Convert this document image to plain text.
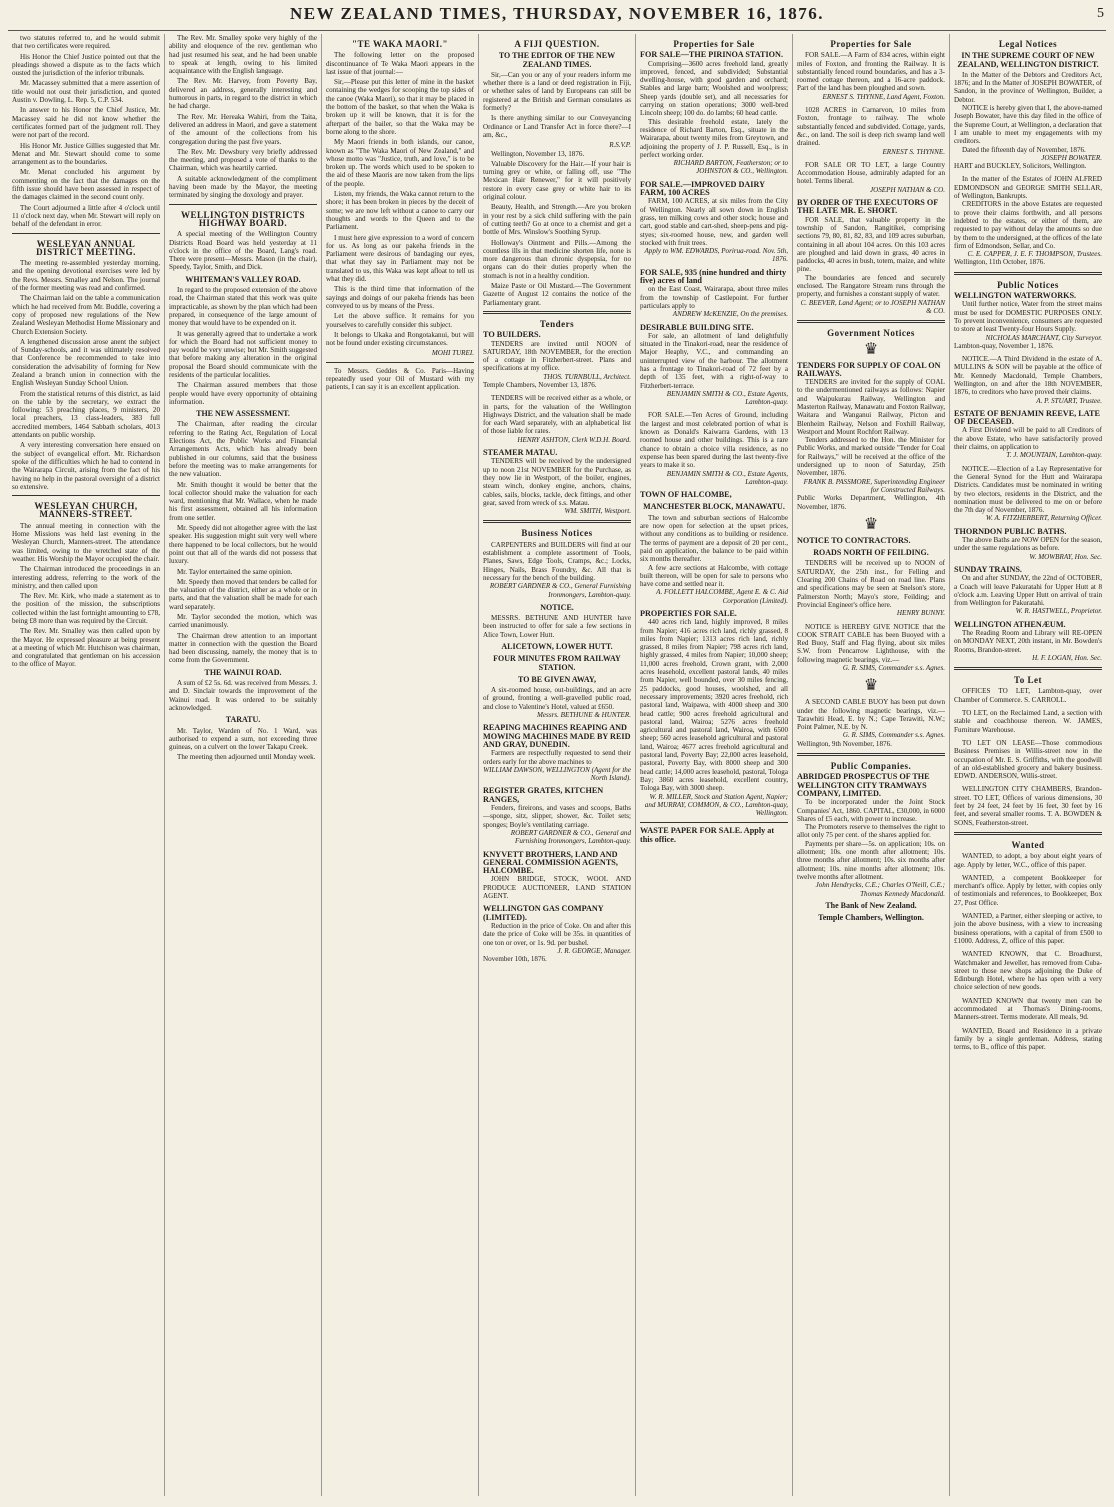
NEW ZEALAND TIMES, THURSDAY, NOVEMBER 16, 1876.	5

two statutes referred to, and he would submit that two certificates were required.

His Honor the Chief Justice pointed out that the pleadings showed a dispute as to the facts which ousted the jurisdiction of the inferior tribunals.

Mr. Macassey submitted that a mere assertion of title would not oust their jurisdiction, and quoted Austin v. Dowling, L. Rep. 5, C.P. 534.

In answer to his Honor the Chief Justice, Mr. Macassey said he did not know whether the certificates formed part of the judgment roll. They were not part of the record.

His Honor Mr. Justice Gillies suggested that Mr. Menat and Mr. Stewart should come to some arrangement as to the boundaries.

Mr. Menat concluded his argument by commenting on the fact that the damages on the fifth issue should have been assessed in respect of the damages claimed in the second count only.

The Court adjourned a little after 4 o'clock until 11 o'clock next day, when Mr. Stewart will reply on behalf of the defendant in error.

WESLEYAN ANNUAL DISTRICT MEETING.

The meeting re-assembled yesterday morning, and the opening devotional exercises were led by the Revs. Messrs. Smalley and Nelson. The journal of the former meeting was read and confirmed.

The Chairman laid on the table a communication which he had received from Mr. Buddle, covering a copy of proposed new regulations of the New Zealand Wesleyan Methodist Home Missionary and Church Extension Society.

A lengthened discussion arose anent the subject of Sunday-schools, and it was ultimately resolved that Conference be recommended to take into consideration the advisability of forming for New Zealand a branch union in connection with the English Wesleyan Sunday School Union.

From the statistical returns of this district, as laid on the table by the secretary, we extract the following: 53 preaching places, 9 ministers, 20 local preachers, 13 class-leaders, 383 full accredited members, 1464 Sabbath scholars, 4013 attendants on public worship.

A very interesting conversation here ensued on the subject of evangelical effort. Mr. Richardson spoke of the difficulties which he had to contend in the Wairarapa Circuit, arising from the fact of his having no help in the pastoral oversight of a district so extensive.

WESLEYAN CHURCH, MANNERS-STREET.

The annual meeting in connection with the Home Missions was held last evening in the Wesleyan Church, Manners-street. The attendance was limited, owing to the wretched state of the weather. His Worship the Mayor occupied the chair.

The Chairman introduced the proceedings in an interesting address, referring to the work of the ministry, and then called upon

The Rev. Mr. Kirk, who made a statement as to the position of the mission, the subscriptions collected within the last fortnight amounting to £78, being £8 more than was required by the Circuit.

The Rev. Mr. Smalley was then called upon by the Mayor. He expressed pleasure at being present at a meeting of which Mr. Hutchison was chairman, and congratulated that gentleman on his accession to the office of Mayor.

The Rev. Mr. Smalley spoke very highly of the ability and eloquence of the rev. gentleman who had just resumed his seat, and he had been unable to speak at length, owing to his limited acquaintance with the English language.

The Rev. Mr. Harvey, from Poverty Bay, delivered an address, generally interesting and humorous in parts, in regard to the district in which he had charge.

The Rev. Mr. Hereaka Wahiri, from the Taita, delivered an address in Maori, and gave a statement of the amount of the collections from his congregation during the past five years.

The Rev. Mr. Dewsbury very briefly addressed the meeting, and proposed a vote of thanks to the Chairman, which was heartily carried.

A suitable acknowledgment of the compliment having been made by the Mayor, the meeting terminated by singing the doxology and prayer.

WELLINGTON DISTRICTS HIGHWAY BOARD.

A special meeting of the Wellington Country Districts Road Board was held yesterday at 11 o'clock in the office of the Board, Lang's road. There were present—Messrs. Mason (in the chair), Speedy, Taylor, Smith, and Dick.

WHITEMAN'S VALLEY ROAD.

In regard to the proposed extension of the above road, the Chairman stated that this work was quite impracticable, as shown by the plan which had been prepared, in consequence of the large amount of money that would have to be expended on it.

It was generally agreed that to undertake a work for which the Board had not sufficient money to pay would be very unwise; but Mr. Smith suggested that before making any alteration in the original proposal the Board should communicate with the residents of the particular localities.

The Chairman assured members that those people would have every opportunity of obtaining information.

THE NEW ASSESSMENT.

The Chairman, after reading the circular referring to the Rating Act, Regulation of Local Elections Act, the Public Works and Financial Arrangements Acts, which has already been published in our columns, said that the business before the meeting was to make arrangements for the new valuation.

Mr. Smith thought it would be better that the local collector should make the valuation for each ward, mentioning that Mr. Wallace, when he made his first assessment, obtained all his information from one settler.

Mr. Speedy did not altogether agree with the last speaker. His suggestion might suit very well where there happened to be local collectors, but he would point out that all of the wards did not possess that luxury.

Mr. Taylor entertained the same opinion.

Mr. Speedy then moved that tenders be called for the valuation of the district, either as a whole or in parts, and that the valuation shall be made for each ward separately.

Mr. Taylor seconded the motion, which was carried unanimously.

The Chairman drew attention to an important matter in connection with the question the Board had been discussing, namely, the money that is to come from the Government.

THE WAINUI ROAD.

A sum of £2 5s. 6d. was received from Messrs. J. and D. Sinclair towards the improvement of the Wainui road. It was ordered to be suitably acknowledged.

TARATU.

Mr. Taylor, Warden of No. 1 Ward, was authorised to expend a sum, not exceeding three guineas, on a culvert on the lower Takapu Creek.

The meeting then adjourned until Monday week.

"TE WAKA MAORI."

The following letter on the proposed discontinuance of Te Waka Maori appears in the last issue of that journal:—

Sir,—Please put this letter of mine in the basket containing the wedges for scooping the top sides of the canoe (Waka Maori), so that it may be placed in the bottom of the basket, so that when the Waka is broken up it will be known, that it is for the afterpart of the bailer, so that the Waka may be borne along to the shore.

My Maori friends in both islands, our canoe, known as "The Waka Maori of New Zealand," and whose motto was "Justice, truth, and love," is to be broken up. The words which used to be spoken to the aid of these Maoris are now taken from the lips of the people.

Listen, my friends, the Waka cannot return to the shore; it has been broken in pieces by the deceit of some; we are now left without a canoe to carry our thoughts and words to the Queen and to the Parliament.

I must here give expression to a word of concern for us. As long as our pakeha friends in the Parliament were desirous of bandaging our eyes, that what they say in Parliament may not be translated to us, this Waka was kept afloat to tell us what they did.

This is the third time that information of the sayings and doings of our pakeha friends has been conveyed to us by means of the Press.

Let the above suffice. It remains for you yourselves to carefully consider this subject.

It belongs to Ukaka and Rongotakanui, but will not be found under existing circumstances.

MOHI TUREI.

To Messrs. Geddes & Co. Paris—Having repeatedly used your Oil of Mustard with my patients, I can say it is an excellent application.

A FIJI QUESTION.
TO THE EDITOR OF THE NEW ZEALAND TIMES.

Sir,—Can you or any of your readers inform me whether there is a land or deed registration in Fiji, or whether sales of land by Europeans can still be registered at the British and German consulates as formerly?

Is there anything similar to our Conveyancing Ordinance or Land Transfer Act in force there?—I am, &c.,

R.S.V.P.

Wellington, November 13, 1876.

Valuable Discovery for the Hair.—If your hair is turning grey or white, or falling off, use "The Mexican Hair Renewer," for it will positively restore in every case grey or white hair to its original colour.

Beauty, Health, and Strength.—Are you broken in your rest by a sick child suffering with the pain of cutting teeth? Go at once to a chemist and get a bottle of Mrs. Winslow's Soothing Syrup.

Holloway's Ointment and Pills.—Among the countless ills in that medicine shorten life, none is more dangerous than chronic dyspepsia, for no organs can do their duties properly when the stomach is not in a healthy condition.

Maize Paste or Oil Mustard.—The Government Gazette of August 12 contains the notice of the Parliamentary grant.

Tenders
TO BUILDERS.
TENDERS are invited until NOON of SATURDAY, 18th NOVEMBER, for the erection of a cottage in Fitzherbert-street. Plans and specifications at my office.
THOS. TURNBULL, Architect.
Temple Chambers, November 13, 1876.
TENDERS will be received either as a whole, or in parts, for the valuation of the Wellington Highways District, and the valuation shall be made for each Ward separately, with an alphabetical list of those liable for rates.
HENRY ASHTON, Clerk W.D.H. Board.
STEAMER MATAU.
TENDERS will be received by the undersigned up to noon 21st NOVEMBER for the Purchase, as they now lie in Westport, of the boiler, engines, steam winch, donkey engine, anchors, chains, cables, sails, blocks, tackle, deck fittings, and other gear, saved from wreck of s.s. Matau.
WM. SMITH, Westport.
Business Notices
CARPENTERS and BUILDERS will find at our establishment a complete assortment of Tools, Planes, Saws, Edge Tools, Cramps, &c.; Locks, Hinges, Nails, Brass Foundry, &c. All that is necessary for the bench of the building.
ROBERT GARDNER & CO., General Furnishing Ironmongers, Lambton-quay.
NOTICE.
MESSRS. BETHUNE AND HUNTER have been instructed to offer for sale a few sections in Alice Town, Lower Hutt.
ALICETOWN, LOWER HUTT.
FOUR MINUTES FROM RAILWAY STATION.
TO BE GIVEN AWAY,
A six-roomed house, out-buildings, and an acre of ground, fronting a well-gravelled public road, and close to Valentine's Hotel, valued at £650.
Messrs. BETHUNE & HUNTER.
REAPING MACHINES REAPING AND MOWING MACHINES MADE BY REID AND GRAY, DUNEDIN.
Farmers are respectfully requested to send their orders early for the above machines to
WILLIAM DAWSON, WELLINGTON (Agent for the North Island).
REGISTER GRATES, KITCHEN RANGES,
Fenders, fireirons, and vases and scoops, Baths—sponge, sitz, slipper, shower, &c. Toilet sets; sponges; Boyle's ventilating carriage.
ROBERT GARDNER & CO., General and Furnishing Ironmongers, Lambton-quay.
KNYVETT BROTHERS, LAND AND GENERAL COMMISSION AGENTS, HALCOMBE.
JOHN BRIDGE, STOCK, WOOL AND PRODUCE AUCTIONEER, LAND STATION AGENT.
WELLINGTON GAS COMPANY (LIMITED).
Reduction in the price of Coke. On and after this date the price of Coke will be 35s. in quantities of one ton or over, or 1s. 9d. per bushel.
J. R. GEORGE, Manager.
November 10th, 1876.
Properties for Sale
FOR SALE—THE PIRINOA STATION.
Comprising—3600 acres freehold land, greatly improved, fenced, and subdivided; Substantial dwelling-house, with good garden and orchard; Stables and large barn; Woolshed and woolpress; Sheep yards (double set), and all necessaries for carrying on station operations; 3000 well-bred Lincoln sheep; 100 do. do lambs; 60 head cattle.
This desirable freehold estate, lately the residence of Richard Barton, Esq., situate in the Wairarapa, about twenty miles from Greytown, and adjoining the property of J. P. Russell, Esq., is in perfect working order.
RICHARD BARTON, Featherston; or to JOHNSTON & CO., Wellington.
FOR SALE.—IMPROVED DAIRY FARM, 100 ACRES
FARM, 100 ACRES, at six miles from the City of Wellington. Nearly all sown down in English grass, ten milking cows and other stock; house and cart, good stable and cart-shed, sheep-pens and pig-styes; six-roomed house, new, and garden well stocked with fruit trees.
Apply to WM. EDWARDS, Porirua-road. Nov. 5th, 1876.
FOR SALE, 935 (nine hundred and thirty five) acres of land
on the East Coast, Wairarapa, about three miles from the township of Castlepoint. For further particulars apply to
ANDREW McKENZIE, On the premises.
DESIRABLE BUILDING SITE.
For sale, an allotment of land delightfully situated in the Tinakori-road, near the residence of Major Heaphy, V.C., and commanding an uninterrupted view of the harbour. The allotment has a frontage to Tinakori-road of 72 feet by a depth of 135 feet, with a right-of-way to Fitzherbert-terrace.
BENJAMIN SMITH & CO., Estate Agents, Lambton-quay.
FOR SALE.—Ten Acres of Ground, including the largest and most celebrated portion of what is known as Donald's Kaiwarra Gardens, with 13 roomed house and other buildings. This is a rare chance to obtain a choice villa residence, as no expense has been spared during the last twenty-five years to make it so.
BENJAMIN SMITH & CO., Estate Agents, Lambton-quay.
TOWN OF HALCOMBE,
MANCHESTER BLOCK, MANAWATU.
The town and suburban sections of Halcombe are now open for selection at the upset prices, without any conditions as to building or residence. The terms of payment are a deposit of 20 per cent., paid on application, the balance to be paid within six months thereafter.
A few acre sections at Halcombe, with cottage built thereon, will be open for sale to persons who have come and settled near it.
A. FOLLETT HALCOMBE, Agent E. & C. Aid Corporation (Limited).
PROPERTIES FOR SALE.
440 acres rich land, highly improved, 8 miles from Napier; 416 acres rich land, richly grassed, 8 miles from Napier; 1313 acres rich land, richly grassed, 8 miles from Napier; 798 acres rich land, highly grassed, 4 miles from Napier; 10,000 sheep; 11,000 acres freehold, Crown grant, with 2,000 acres leasehold, excellent pastoral lands, 40 miles from Napier, well bounded, over 30 miles fencing, 25 paddocks, good houses, woolshed, and all necessary improvements; 3920 acres freehold, rich pastoral land, Waipawa, with 4000 sheep and 300 head cattle; 900 acres freehold agricultural and pastoral land, Wairoa; 5276 acres freehold agricultural and pastoral land, Wairoa, with 6500 sheep; 560 acres leasehold agricultural and pastoral land, Wairoa; 4677 acres freehold agricultural and pastoral land, Poverty Bay; 22,000 acres leasehold, pastoral, Poverty Bay, with 8000 sheep and 300 head cattle; 14,000 acres leasehold, pastoral, Tologa Bay; 3860 acres leasehold, excellent country, Tologa Bay, with 3000 sheep.
W. R. MILLER, Stock and Station Agent, Napier; and MURRAY, COMMON, & CO., Lambton-quay, Wellington.
WASTE PAPER FOR SALE. Apply at this office.
Properties for Sale
FOR SALE.—A Farm of 834 acres, within eight miles of Foxton, and fronting the Railway. It is substantially fenced round boundaries, and has a 3-roomed cottage thereon, and a 16-acre paddock. Part of the land has been ploughed and sown.
ERNEST S. THYNNE, Land Agent, Foxton.
1028 ACRES in Carnarvon, 10 miles from Foxton, frontage to railway. The whole substantially fenced and subdivided. Cottage, yards, &c., on land. The soil is deep rich swamp land well drained.
ERNEST S. THYNNE.
FOR SALE OR TO LET, a large Country Accommodation House, admirably adapted for an hotel. Terms liberal.
JOSEPH NATHAN & CO.
BY ORDER OF THE EXECUTORS OF THE LATE MR. E. SHORT.
FOR SALE, that valuable property in the township of Sandon, Rangitikei, comprising sections 79, 80, 81, 82, 83, and 109 acres suburban, containing in all about 104 acres. On this 103 acres are ploughed and laid down in grass, 40 acres in paddocks, 40 acres in bush, totem, maize, and white pine.
The boundaries are fenced and securely enclosed. The Rangatore Stream runs through the property, and furnishes a constant supply of water.
C. BEEVER, Land Agent; or to JOSEPH NATHAN & CO.
Government Notices
♛
TENDERS FOR SUPPLY OF COAL ON RAILWAYS.
TENDERS are invited for the supply of COAL to the undermentioned railways as follows: Napier and Waipukurau Railway, Wellington and Masterton Railway, Manawatu and Foxton Railway, Waitara and Wanganui Railway, Picton and Blenheim Railway, Nelson and Foxhill Railway, Westport and Mount Rochfort Railway.
Tenders addressed to the Hon. the Minister for Public Works, and marked outside "Tender for Coal for Railways," will be received at the office of the undersigned up to noon of Saturday, 25th November, 1876.
FRANK B. PASSMORE, Superintending Engineer for Constructed Railways.
Public Works Department, Wellington, 4th November, 1876.
♛
NOTICE TO CONTRACTORS.
ROADS NORTH OF FEILDING.
TENDERS will be received up to NOON of SATURDAY, the 25th inst., for Felling and Clearing 200 Chains of Road on road line. Plans and specifications may be seen at Snelson's store, Palmerston North; Mayo's store, Feilding; and Provincial Engineer's office here.
HENRY BUNNY.
NOTICE is HEREBY GIVE NOTICE that the COOK STRAIT CABLE has been Buoyed with a Red Buoy, Staff and Flag flying, about six miles S.W. from Pencarrow Lighthouse, with the following magnetic bearings, viz.—
G. R. SIMS, Commander s.s. Agnes.
♛
A SECOND CABLE BUOY has been put down under the following magnetic bearings, viz.—Tarawhiti Head, E. by N.; Cape Terawiti, N.W.; Point Palmer, N.E. by N.
G. R. SIMS, Commander s.s. Agnes.
Wellington, 9th November, 1876.
Public Companies.
ABRIDGED PROSPECTUS OF THE WELLINGTON CITY TRAMWAYS COMPANY, LIMITED.
To be incorporated under the Joint Stock Companies' Act, 1860. CAPITAL, £30,000, in 6000 Shares of £5 each, with power to increase.
The Promoters reserve to themselves the right to allot only 75 per cent. of the shares applied for.
Payments per share—5s. on application; 10s. on allotment; 10s. one month after allotment; 10s. three months after allotment; 10s. six months after allotment; 10s. nine months after allotment; 10s. twelve months after allotment.
John Hendrycks, C.E.; Charles O'Neill, C.E.; Thomas Kennedy Macdonald.
The Bank of New Zealand.
Temple Chambers, Wellington.
Legal Notices
IN THE SUPREME COURT OF NEW ZEALAND, WELLINGTON DISTRICT.
In the Matter of the Debtors and Creditors Act, 1876; and In the Matter of JOSEPH BOWATER, of Sandon, in the province of Wellington, Builder, a Debtor.
NOTICE is hereby given that I, the above-named Joseph Bowater, have this day filed in the office of the Supreme Court, at Wellington, a declaration that I am unable to meet my engagements with my creditors.
Dated the fifteenth day of November, 1876.
JOSEPH BOWATER.
HART and BUCKLEY, Solicitors, Wellington.
In the matter of the Estates of JOHN ALFRED EDMONDSON and GEORGE SMITH SELLAR, of Wellington, Bankrupts.
CREDITORS in the above Estates are requested to prove their claims forthwith, and all persons indebted to the estates, or either of them, are requested to pay without delay the amounts so due by them to the undersigned, at the offices of the late firm of Edmondson, Sellar, and Co.
C. E. CAPPER, J. E. F. THOMPSON, Trustees.
Wellington, 11th October, 1876.
Public Notices
WELLINGTON WATERWORKS.
Until further notice, Water from the street mains must be used for DOMESTIC PURPOSES ONLY. To prevent inconvenience, consumers are requested to store at least Twenty-four Hours Supply.
NICHOLAS MARCHANT, City Surveyor.
Lambton-quay, November 1, 1876.
NOTICE.—A Third Dividend in the estate of A. MULLINS & SON will be payable at the office of Mr. Kennedy Macdonald, Temple Chambers, Wellington, on and after the 18th NOVEMBER, 1876, to creditors who have proved their claims.
A. P. STUART, Trustee.
ESTATE OF BENJAMIN REEVE, LATE OF DECEASED.
A First Dividend will be paid to all Creditors of the above Estate, who have satisfactorily proved their claims, on application to
T. J. MOUNTAIN, Lambton-quay.
NOTICE.—Election of a Lay Representative for the General Synod for the Hutt and Wairarapa Districts. Candidates must be nominated in writing by two electors, residents in the District, and the nomination must be delivered to me on or before the 7th day of November, 1876.
W. A. FITZHERBERT, Returning Officer.
THORNDON PUBLIC BATHS.
The above Baths are NOW OPEN for the season, under the same regulations as before.
W. MOWBRAY, Hon. Sec.
SUNDAY TRAINS.
On and after SUNDAY, the 22nd of OCTOBER, a Coach will leave Pakuratahi for Upper Hutt at 8 o'clock a.m. Leaving Upper Hutt on arrival of train from Wellington for Pakuratahi.
W. R. HASTWELL, Proprietor.
WELLINGTON ATHENÆUM.
The Reading Room and Library will RE-OPEN on MONDAY NEXT, 20th instant, in Mr. Bowden's Rooms, Brandon-street.
H. F. LOGAN, Hon. Sec.
To Let
OFFICES TO LET, Lambton-quay, over Chamber of Commerce. S. CARROLL.
TO LET, on the Reclaimed Land, a section with stable and coachhouse thereon. W. JAMES, Furniture Warehouse.
TO LET ON LEASE—Those commodious Business Premises in Willis-street now in the occupation of Mr. E. S. Griffiths, with the goodwill of an old-established grocery and bakery business. EDWD. ANDERSON, Willis-street.
WELLINGTON CITY CHAMBERS, Brandon-street. TO LET, Offices of various dimensions, 30 feet by 24 feet, 24 feet by 16 feet, 30 feet by 16 feet, and several smaller rooms. T. A. BOWDEN & SONS, Featherston-street.
Wanted
WANTED, to adopt, a boy about eight years of age. Apply by letter, W.C., office of this paper.
WANTED, a competent Bookkeeper for merchant's office. Apply by letter, with copies only of testimonials and references, to Bookkeeper, Box 27, Post Office.
WANTED, a Partner, either sleeping or active, to join the above business, with a view to increasing business operations, with a capital of from £500 to £1000. Address, Z, office of this paper.
WANTED KNOWN, that C. Broadhurst, Watchmaker and Jeweller, has removed from Cuba-street to those new shops adjoining the Duke of Edinburgh Hotel, where he has open with a very choice selection of new goods.
WANTED KNOWN that twenty men can be accommodated at Thomas's Dining-rooms, Manners-street. Terms moderate. All meals, 9d.
WANTED, Board and Residence in a private family by a single gentleman. Address, stating terms, to B., office of this paper.
